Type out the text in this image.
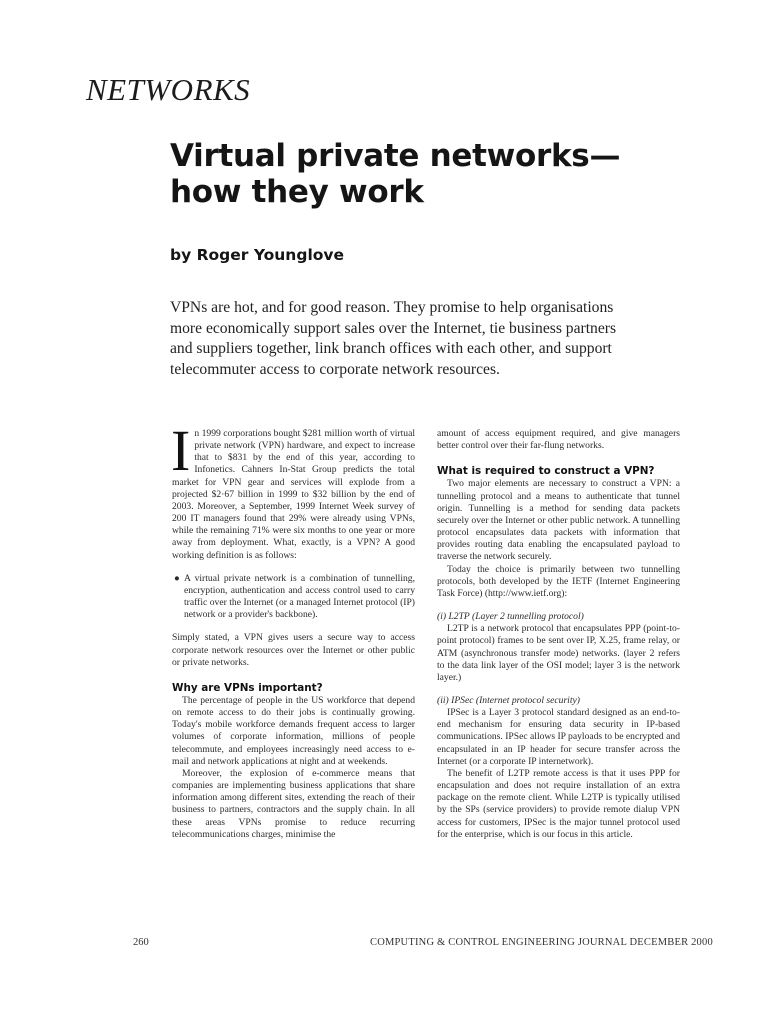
NETWORKS
Virtual private networks—
how they work
by Roger Younglove
VPNs are hot, and for good reason. They promise to help organisations more economically support sales over the Internet, tie business partners and suppliers together, link branch offices with each other, and support telecommuter access to corporate network resources.

In 1999 corporations bought $281 million worth of virtual private network (VPN) hardware, and expect to increase that to $831 by the end of this year, according to Infonetics. Cahners In-Stat Group predicts the total market for VPN gear and services will explode from a projected $2·67 billion in 1999 to $32 billion by the end of 2003. Moreover, a September, 1999 Internet Week survey of 200 IT managers found that 29% were already using VPNs, while the remaining 71% were six months to one year or more away from deployment. What, exactly, is a VPN? A good working definition is as follows:

● A virtual private network is a combination of tunnelling, encryption, authentication and access control used to carry traffic over the Internet (or a managed Internet protocol (IP) network or a provider's backbone).

Simply stated, a VPN gives users a secure way to access corporate network resources over the Internet or other public or private networks.

Why are VPNs important?

The percentage of people in the US workforce that depend on remote access to do their jobs is continually growing. Today's mobile workforce demands frequent access to larger volumes of corporate information, millions of people telecommute, and employees increasingly need access to e-mail and network applications at night and at weekends.

Moreover, the explosion of e-commerce means that companies are implementing business applications that share information among different sites, extending the reach of their business to partners, contractors and the supply chain. In all these areas VPNs promise to reduce recurring telecommunications charges, minimise the

amount of access equipment required, and give managers better control over their far-flung networks.

What is required to construct a VPN?

Two major elements are necessary to construct a VPN: a tunnelling protocol and a means to authenticate that tunnel origin. Tunnelling is a method for sending data packets securely over the Internet or other public network. A tunnelling protocol encapsulates data packets with information that provides routing data enabling the encapsulated payload to traverse the network securely.

Today the choice is primarily between two tunnelling protocols, both developed by the IETF (Internet Engineering Task Force) (http://www.ietf.org):

(i) L2TP (Layer 2 tunnelling protocol)

L2TP is a network protocol that encapsulates PPP (point-to-point protocol) frames to be sent over IP, X.25, frame relay, or ATM (asynchronous transfer mode) networks. (layer 2 refers to the data link layer of the OSI model; layer 3 is the network layer.)

(ii) IPSec (Internet protocol security)

IPSec is a Layer 3 protocol standard designed as an end-to-end mechanism for ensuring data security in IP-based communications. IPSec allows IP payloads to be encrypted and encapsulated in an IP header for secure transfer across the Internet (or a corporate IP internetwork).

The benefit of L2TP remote access is that it uses PPP for encapsulation and does not require installation of an extra package on the remote client. While L2TP is typically utilised by the SPs (service providers) to provide remote dialup VPN access for customers, IPSec is the major tunnel protocol used for the enterprise, which is our focus in this article.

260	COMPUTING & CONTROL ENGINEERING JOURNAL DECEMBER 2000
